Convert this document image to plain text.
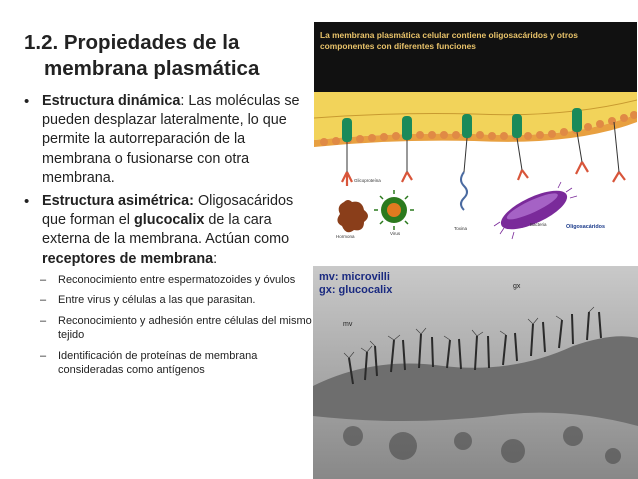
1.2. Propiedades de la
membrana plasmática
• Estructura dinámica: Las moléculas se pueden desplazar lateralmente, lo que permite la autorreparación de la membrana o fusionarse con otra membrana.
• Estructura asimétrica: Oligosacáridos que forman el glucocalix de la cara externa de la membrana. Actúan como receptores de membrana:
– Reconocimiento entre espermatozoides y óvulos
– Entre virus y células a las que parasitan.
– Reconocimiento y adhesión entre células del mismo tejido
– Identificación de proteínas de membrana consideradas como antígenos
La membrana plasmática celular contiene oligosacáridos y otros
componentes con diferentes funciones
Glicoproteína
Hormona
Virus
Toxina
Bacteria	Oligosacáridos
mv: microvilli
gx: glucocalix	gx
mv
